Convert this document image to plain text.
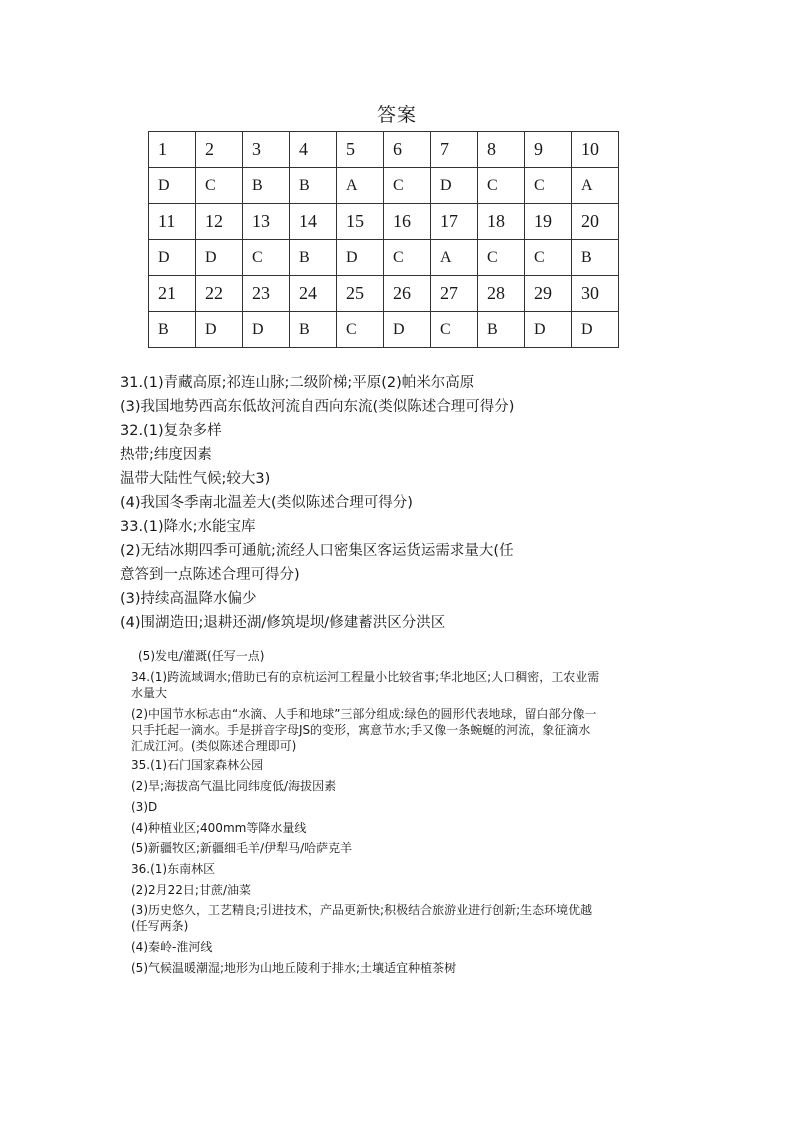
答案
1	2	3	4	5	6	7	8	9	10
D	C	B	B	A	C	D	C	C	A
11	12	13	14	15	16	17	18	19	20
D	D	C	B	D	C	A	C	C	B
21	22	23	24	25	26	27	28	29	30
B	D	D	B	C	D	C	B	D	D
31.(1)青藏高原;祁连山脉;二级阶梯;平原(2)帕米尔高原
(3)我国地势西高东低故河流自西向东流(类似陈述合理可得分)
32.(1)复杂多样
热带;纬度因素
温带大陆性气候;较大3)
(4)我国冬季南北温差大(类似陈述合理可得分)
33.(1)降水;水能宝库
(2)无结冰期四季可通航;流经人口密集区客运货运需求量大(任
意答到一点陈述合理可得分)
(3)持续高温降水偏少
(4)围湖造田;退耕还湖/修筑堤坝/修建蓄洪区分洪区
(5)发电/灌溉(任写一点)
34.(1)跨流域调水;借助已有的京杭运河工程量小比较省事;华北地区;人口稠密，工农业需水量大
(2)中国节水标志由“水滴、人手和地球”三部分组成:绿色的圆形代表地球，留白部分像一只手托起一滴水。手是拼音字母JS的变形，寓意节水;手又像一条蜿蜒的河流，象征滴水汇成江河。(类似陈述合理即可)
35.(1)石门国家森林公园
(2)旱;海拔高气温比同纬度低/海拔因素
(3)D
(4)种植业区;400mm等降水量线
(5)新疆牧区;新疆细毛羊/伊犁马/哈萨克羊
36.(1)东南林区
(2)2月22日;甘蔗/油菜
(3)历史悠久，工艺精良;引进技术，产品更新快;积极结合旅游业进行创新;生态环境优越(任写两条)
(4)秦岭-淮河线
(5)气候温暖潮湿;地形为山地丘陵利于排水;土壤适宜种植茶树
